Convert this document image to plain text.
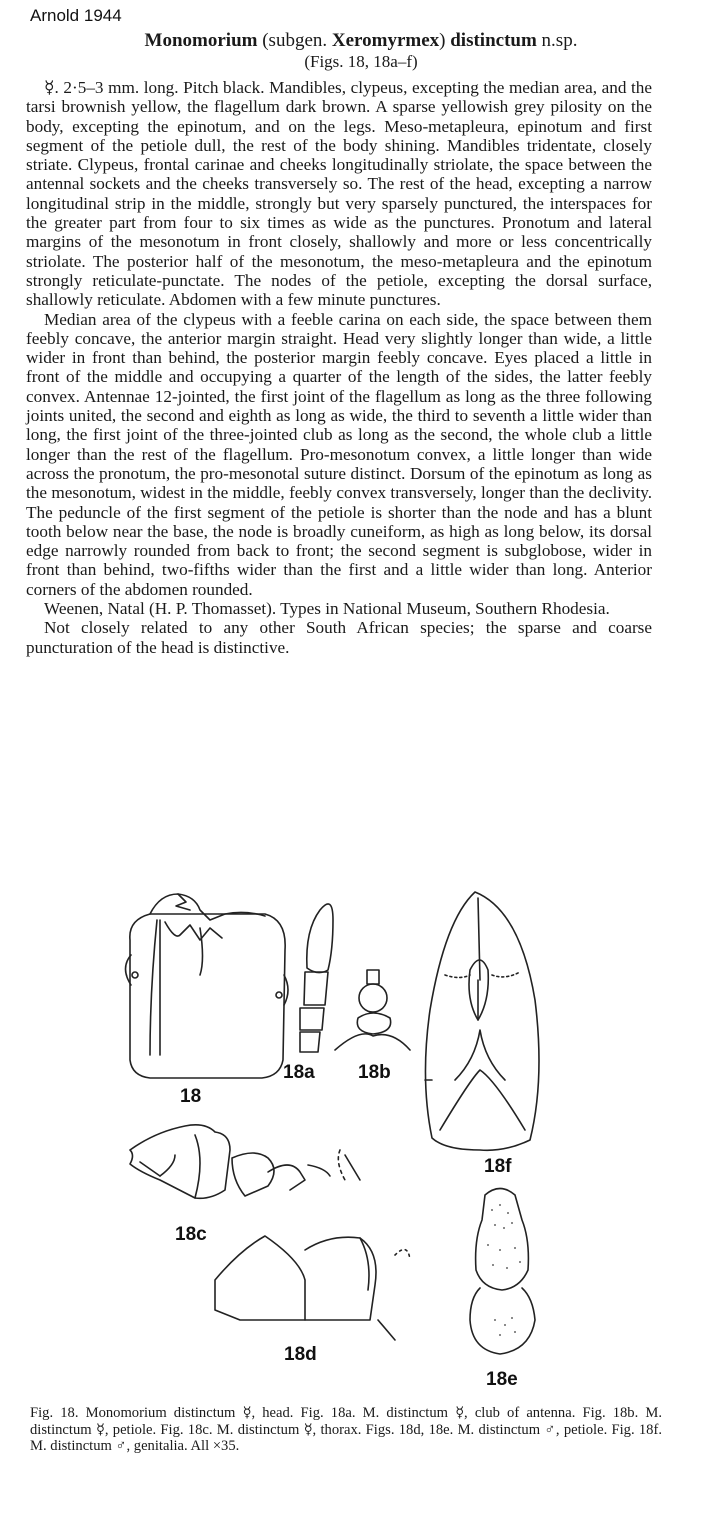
Arnold 1944
Monomorium (subgen. Xeromyrmex) distinctum n.sp.
(Figs. 18, 18a–f)

☿. 2·5–3 mm. long. Pitch black. Mandibles, clypeus, excepting the median area, and the tarsi brownish yellow, the flagellum dark brown. A sparse yellowish grey pilosity on the body, excepting the epinotum, and on the legs. Meso-metapleura, epinotum and first segment of the petiole dull, the rest of the body shining. Mandibles tridentate, closely striate. Clypeus, frontal carinae and cheeks longitudinally striolate, the space between the antennal sockets and the cheeks transversely so. The rest of the head, excepting a narrow longitudinal strip in the middle, strongly but very sparsely punctured, the interspaces for the greater part from four to six times as wide as the punctures. Pronotum and lateral margins of the mesonotum in front closely, shallowly and more or less concentrically striolate. The posterior half of the mesonotum, the meso-metapleura and the epinotum strongly reticulate-punctate. The nodes of the petiole, excepting the dorsal surface, shallowly reticulate. Abdomen with a few minute punctures.

Median area of the clypeus with a feeble carina on each side, the space between them feebly concave, the anterior margin straight. Head very slightly longer than wide, a little wider in front than behind, the posterior margin feebly concave. Eyes placed a little in front of the middle and occupying a quarter of the length of the sides, the latter feebly convex. Antennae 12-jointed, the first joint of the flagellum as long as the three following joints united, the second and eighth as long as wide, the third to seventh a little wider than long, the first joint of the three-jointed club as long as the second, the whole club a little longer than the rest of the flagellum. Pro-mesonotum convex, a little longer than wide across the pronotum, the pro-mesonotal suture distinct. Dorsum of the epinotum as long as the mesonotum, widest in the middle, feebly convex transversely, longer than the declivity. The peduncle of the first segment of the petiole is shorter than the node and has a blunt tooth below near the base, the node is broadly cuneiform, as high as long below, its dorsal edge narrowly rounded from back to front; the second segment is subglobose, wider in front than behind, two-fifths wider than the first and a little wider than long. Anterior corners of the abdomen rounded.

Weenen, Natal (H. P. Thomasset). Types in National Museum, Southern Rhodesia.

Not closely related to any other South African species; the sparse and coarse puncturation of the head is distinctive.

18
18a 18b
18f
18c
18d
18e
Fig. 18. Monomorium distinctum ☿, head. Fig. 18a. M. distinctum ☿, club of antenna. Fig. 18b. M. distinctum ☿, petiole. Fig. 18c. M. distinctum ☿, thorax. Figs. 18d, 18e. M. distinctum ♂, petiole. Fig. 18f. M. distinctum ♂, genitalia. All ×35.
